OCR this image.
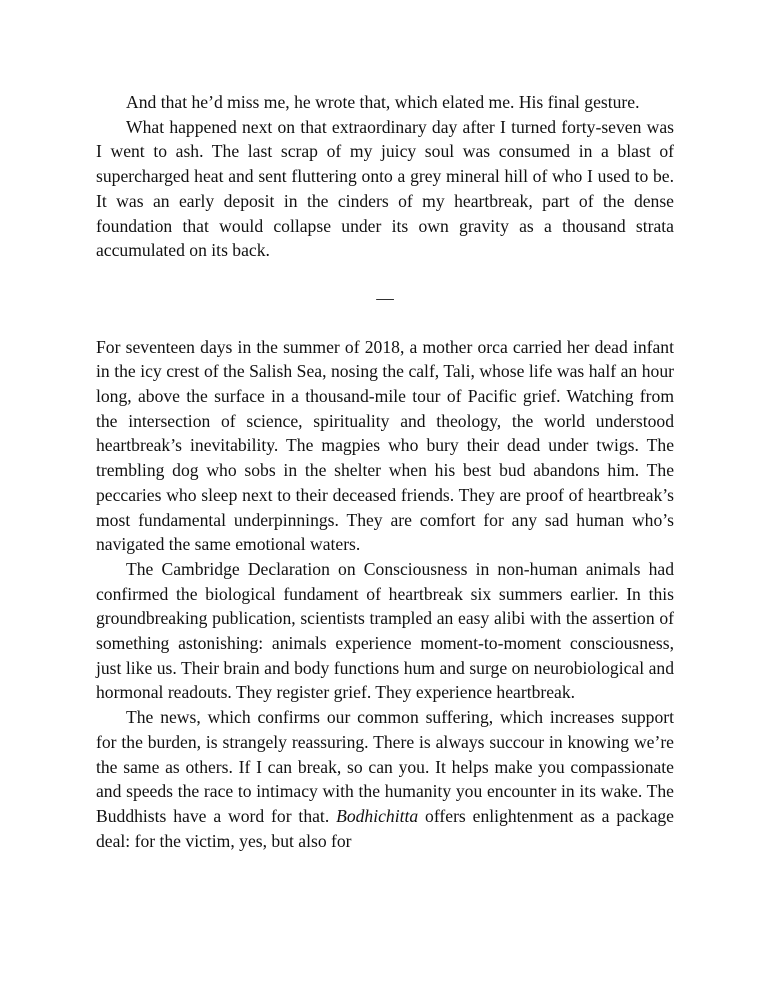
And that he’d miss me, he wrote that, which elated me. His final gesture.

What happened next on that extraordinary day after I turned forty-seven was I went to ash. The last scrap of my juicy soul was consumed in a blast of supercharged heat and sent fluttering onto a grey mineral hill of who I used to be. It was an early deposit in the cinders of my heartbreak, part of the dense foundation that would collapse under its own gravity as a thousand strata accumulated on its back.

—

For seventeen days in the summer of 2018, a mother orca carried her dead infant in the icy crest of the Salish Sea, nosing the calf, Tali, whose life was half an hour long, above the surface in a thousand-mile tour of Pacific grief. Watching from the intersection of science, spirituality and theology, the world understood heartbreak’s inevitability. The magpies who bury their dead under twigs. The trembling dog who sobs in the shelter when his best bud abandons him. The peccaries who sleep next to their deceased friends. They are proof of heartbreak’s most fundamental underpinnings. They are comfort for any sad human who’s navigated the same emotional waters.

The Cambridge Declaration on Consciousness in non-human animals had confirmed the biological fundament of heartbreak six summers earlier. In this groundbreaking publication, scientists trampled an easy alibi with the assertion of something astonishing: animals experience moment-to-moment consciousness, just like us. Their brain and body functions hum and surge on neurobiological and hormonal readouts. They register grief. They experience heartbreak.

The news, which confirms our common suffering, which increases support for the burden, is strangely reassuring. There is always succour in knowing we’re the same as others. If I can break, so can you. It helps make you compassionate and speeds the race to intimacy with the humanity you encounter in its wake. The Buddhists have a word for that. Bodhichitta offers enlightenment as a package deal: for the victim, yes, but also for
